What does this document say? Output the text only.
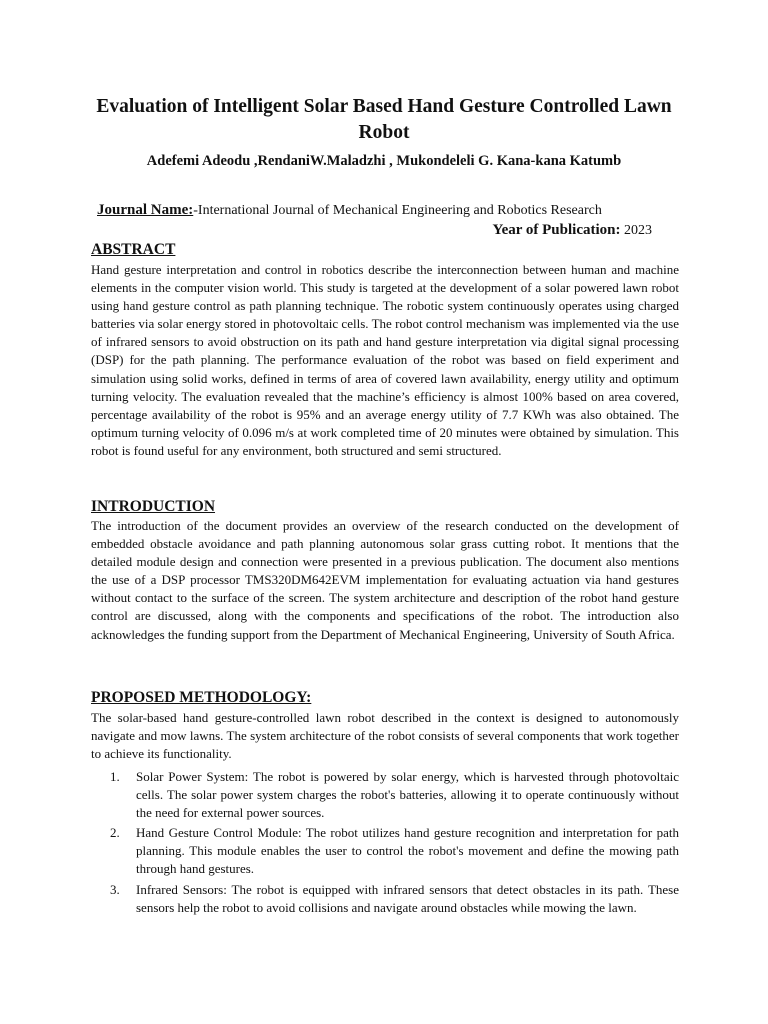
Evaluation of Intelligent Solar Based Hand Gesture Controlled Lawn Robot
Adefemi Adeodu ,RendaniW.Maladzhi , Mukondeleli G. Kana-kana Katumb
Journal Name:-International Journal of Mechanical Engineering and Robotics Research
Year of Publication: 2023
ABSTRACT

Hand gesture interpretation and control in robotics describe the interconnection between human and machine elements in the computer vision world. This study is targeted at the development of a solar powered lawn robot using hand gesture control as path planning technique. The robotic system continuously operates using charged batteries via solar energy stored in photovoltaic cells. The robot control mechanism was implemented via the use of infrared sensors to avoid obstruction on its path and hand gesture interpretation via digital signal processing (DSP) for the path planning. The performance evaluation of the robot was based on field experiment and simulation using solid works, defined in terms of area of covered lawn availability, energy utility and optimum turning velocity. The evaluation revealed that the machine’s efficiency is almost 100% based on area covered, percentage availability of the robot is 95% and an average energy utility of 7.7 KWh was also obtained. The optimum turning velocity of 0.096 m/s at work completed time of 20 minutes were obtained by simulation. This robot is found useful for any environment, both structured and semi structured.

INTRODUCTION

The introduction of the document provides an overview of the research conducted on the development of embedded obstacle avoidance and path planning autonomous solar grass cutting robot. It mentions that the detailed module design and connection were presented in a previous publication. The document also mentions the use of a DSP processor TMS320DM642EVM implementation for evaluating actuation via hand gestures without contact to the surface of the screen. The system architecture and description of the robot hand gesture control are discussed, along with the components and specifications of the robot. The introduction also acknowledges the funding support from the Department of Mechanical Engineering, University of South Africa.

PROPOSED METHODOLOGY:

The solar-based hand gesture-controlled lawn robot described in the context is designed to autonomously navigate and mow lawns. The system architecture of the robot consists of several components that work together to achieve its functionality.

1. Solar Power System: The robot is powered by solar energy, which is harvested through photovoltaic cells. The solar power system charges the robot's batteries, allowing it to operate continuously without the need for external power sources.
2. Hand Gesture Control Module: The robot utilizes hand gesture recognition and interpretation for path planning. This module enables the user to control the robot's movement and define the mowing path through hand gestures.
3. Infrared Sensors: The robot is equipped with infrared sensors that detect obstacles in its path. These sensors help the robot to avoid collisions and navigate around obstacles while mowing the lawn.
